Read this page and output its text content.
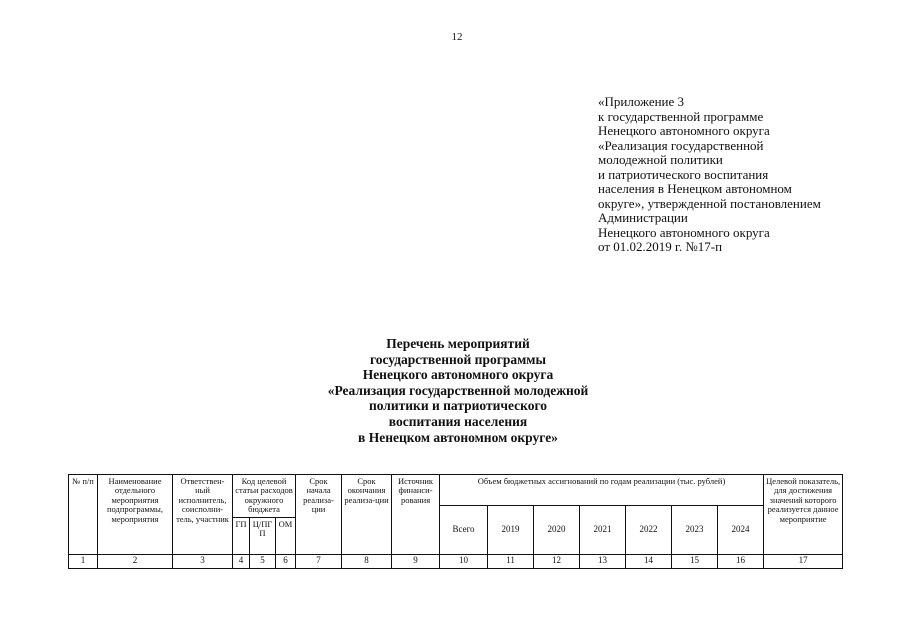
12
«Приложение 3
к государственной программе
Ненецкого автономного округа
«Реализация государственной
молодежной политики
и патриотического воспитания
населения в Ненецком автономном
округе», утвержденной постановлением
Администрации
Ненецкого автономного округа
от 01.02.2019 г. №17-п
Перечень мероприятий
государственной программы
Ненецкого автономного округа
«Реализация государственной молодежной
политики и патриотического
воспитания населения
в Ненецком автономном округе»
№ п/п	Наименование отдельного мероприятия подпрограммы, мероприятия	Ответствен-ный исполнитель, соисполни-тель, участник	Код целевой статьи расходов окружного бюджета			Срок начала реализа-ции	Срок окончания реализа-ции	Источник финанси-рования	Объем бюджетных ассигнований по годам реализации (тыс. рублей)							Целевой показатель, для достижения значений которого реализуется данное мероприятие
									Всего	2019	2020	2021	2022	2023	2024	
			ГП	Ц/ПГ П	ОМ											
1	2	3	4	5	6	7	8	9	10	11	12	13	14	15	16	17
